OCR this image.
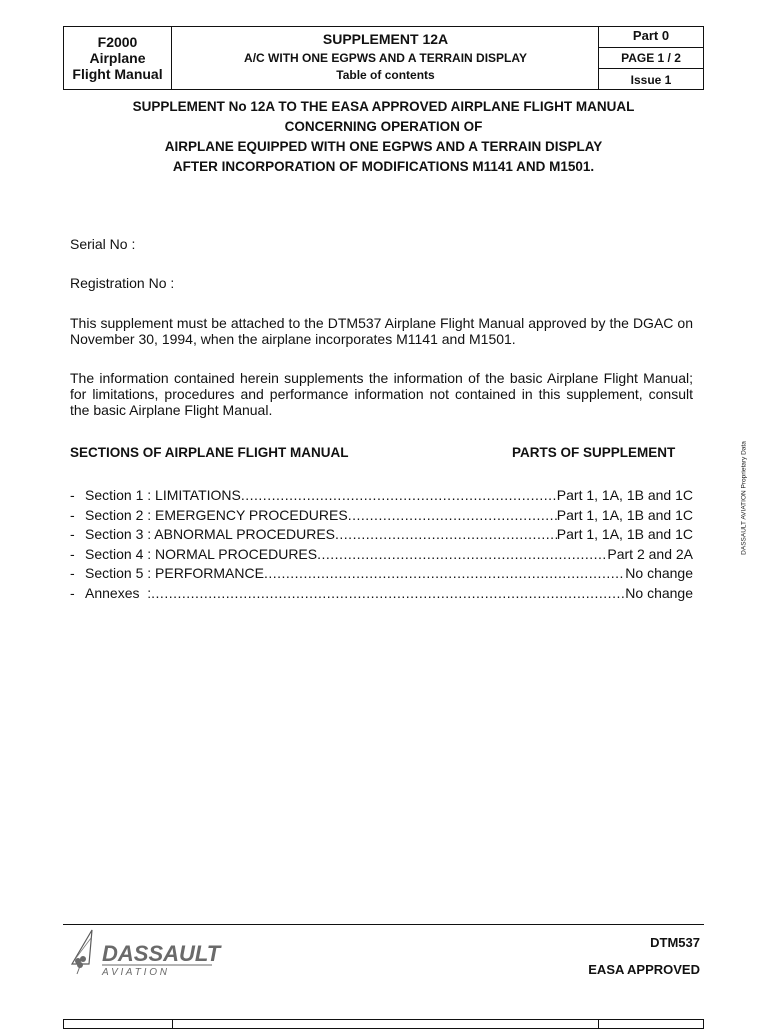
F2000
Airplane
Flight Manual
SUPPLEMENT 12A
A/C WITH ONE EGPWS AND A TERRAIN DISPLAY
Table of contents
Part 0
PAGE 1 / 2
Issue 1
SUPPLEMENT No 12A TO THE EASA APPROVED AIRPLANE FLIGHT MANUAL
CONCERNING OPERATION OF
AIRPLANE EQUIPPED WITH ONE EGPWS AND A TERRAIN DISPLAY
AFTER INCORPORATION OF MODIFICATIONS M1141 AND M1501.
Serial No :
Registration No :
This supplement must be attached to the DTM537 Airplane Flight Manual approved by the DGAC on November 30, 1994, when the airplane incorporates M1141 and M1501.
The information contained herein supplements the information of the basic Airplane Flight Manual; for limitations, procedures and performance information not contained in this supplement, consult the basic Airplane Flight Manual.
SECTIONS OF AIRPLANE FLIGHT MANUAL	PARTS OF SUPPLEMENT
- Section 1 : LIMITATIONS .....	Part 1, 1A, 1B and 1C
- Section 2 : EMERGENCY PROCEDURES .....	Part 1, 1A, 1B and 1C
- Section 3 : ABNORMAL PROCEDURES .....	Part 1, 1A, 1B and 1C
- Section 4 : NORMAL PROCEDURES .....	Part 2 and 2A
- Section 5 : PERFORMANCE .....	No change
- Annexes  : .....	No change
DASSAULT AVIATION Proprietary Data
DASSAULT
A V I A T I O N
DTM537
EASA APPROVED
